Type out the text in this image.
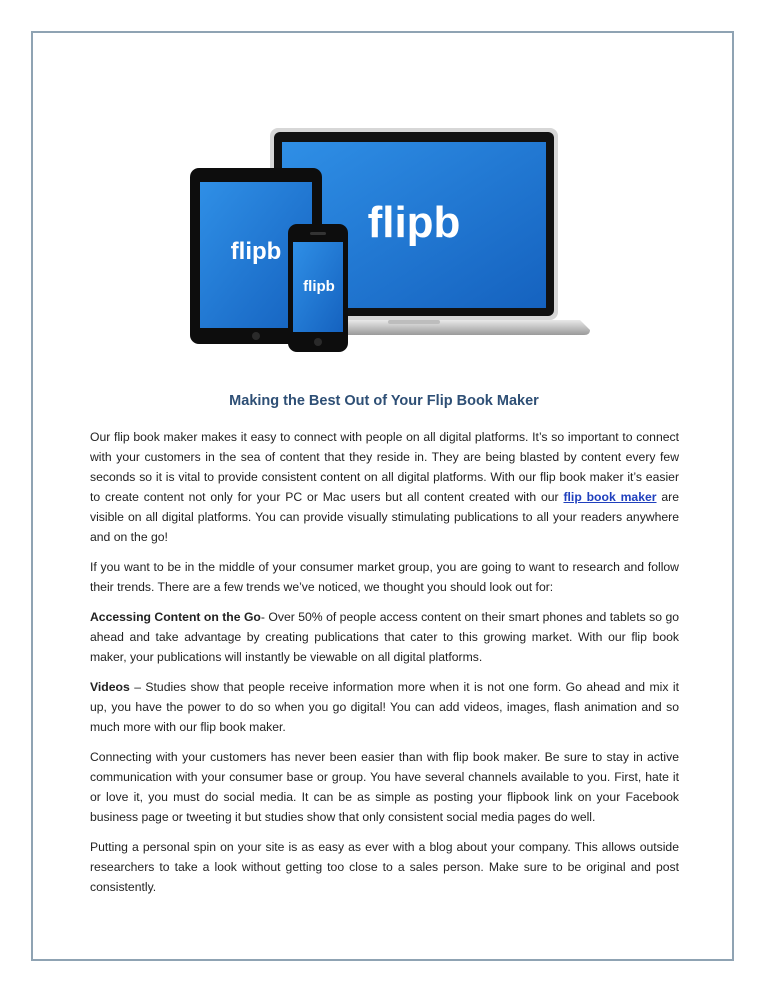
flipb
flipb
flipb
Making the Best Out of Your Flip Book Maker

Our flip book maker makes it easy to connect with people on all digital platforms. It’s so important to connect with your customers in the sea of content that they reside in. They are being blasted by content every few seconds so it is vital to provide consistent content on all digital platforms. With our flip book maker it’s easier to create content not only for your PC or Mac users but all content created with our flip book maker are visible on all digital platforms. You can provide visually stimulating publications to all your readers anywhere and on the go!

If you want to be in the middle of your consumer market group, you are going to want to research and follow their trends. There are a few trends we’ve noticed, we thought you should look out for:

Accessing Content on the Go- Over 50% of people access content on their smart phones and tablets so go ahead and take advantage by creating publications that cater to this growing market. With our flip book maker, your publications will instantly be viewable on all digital platforms.

Videos – Studies show that people receive information more when it is not one form. Go ahead and mix it up, you have the power to do so when you go digital! You can add videos, images, flash animation and so much more with our flip book maker.

Connecting with your customers has never been easier than with flip book maker. Be sure to stay in active communication with your consumer base or group. You have several channels available to you. First, hate it or love it, you must do social media. It can be as simple as posting your flipbook link on your Facebook business page or tweeting it but studies show that only consistent social media pages do well.

Putting a personal spin on your site is as easy as ever with a blog about your company. This allows outside researchers to take a look without getting too close to a sales person. Make sure to be original and post consistently.
